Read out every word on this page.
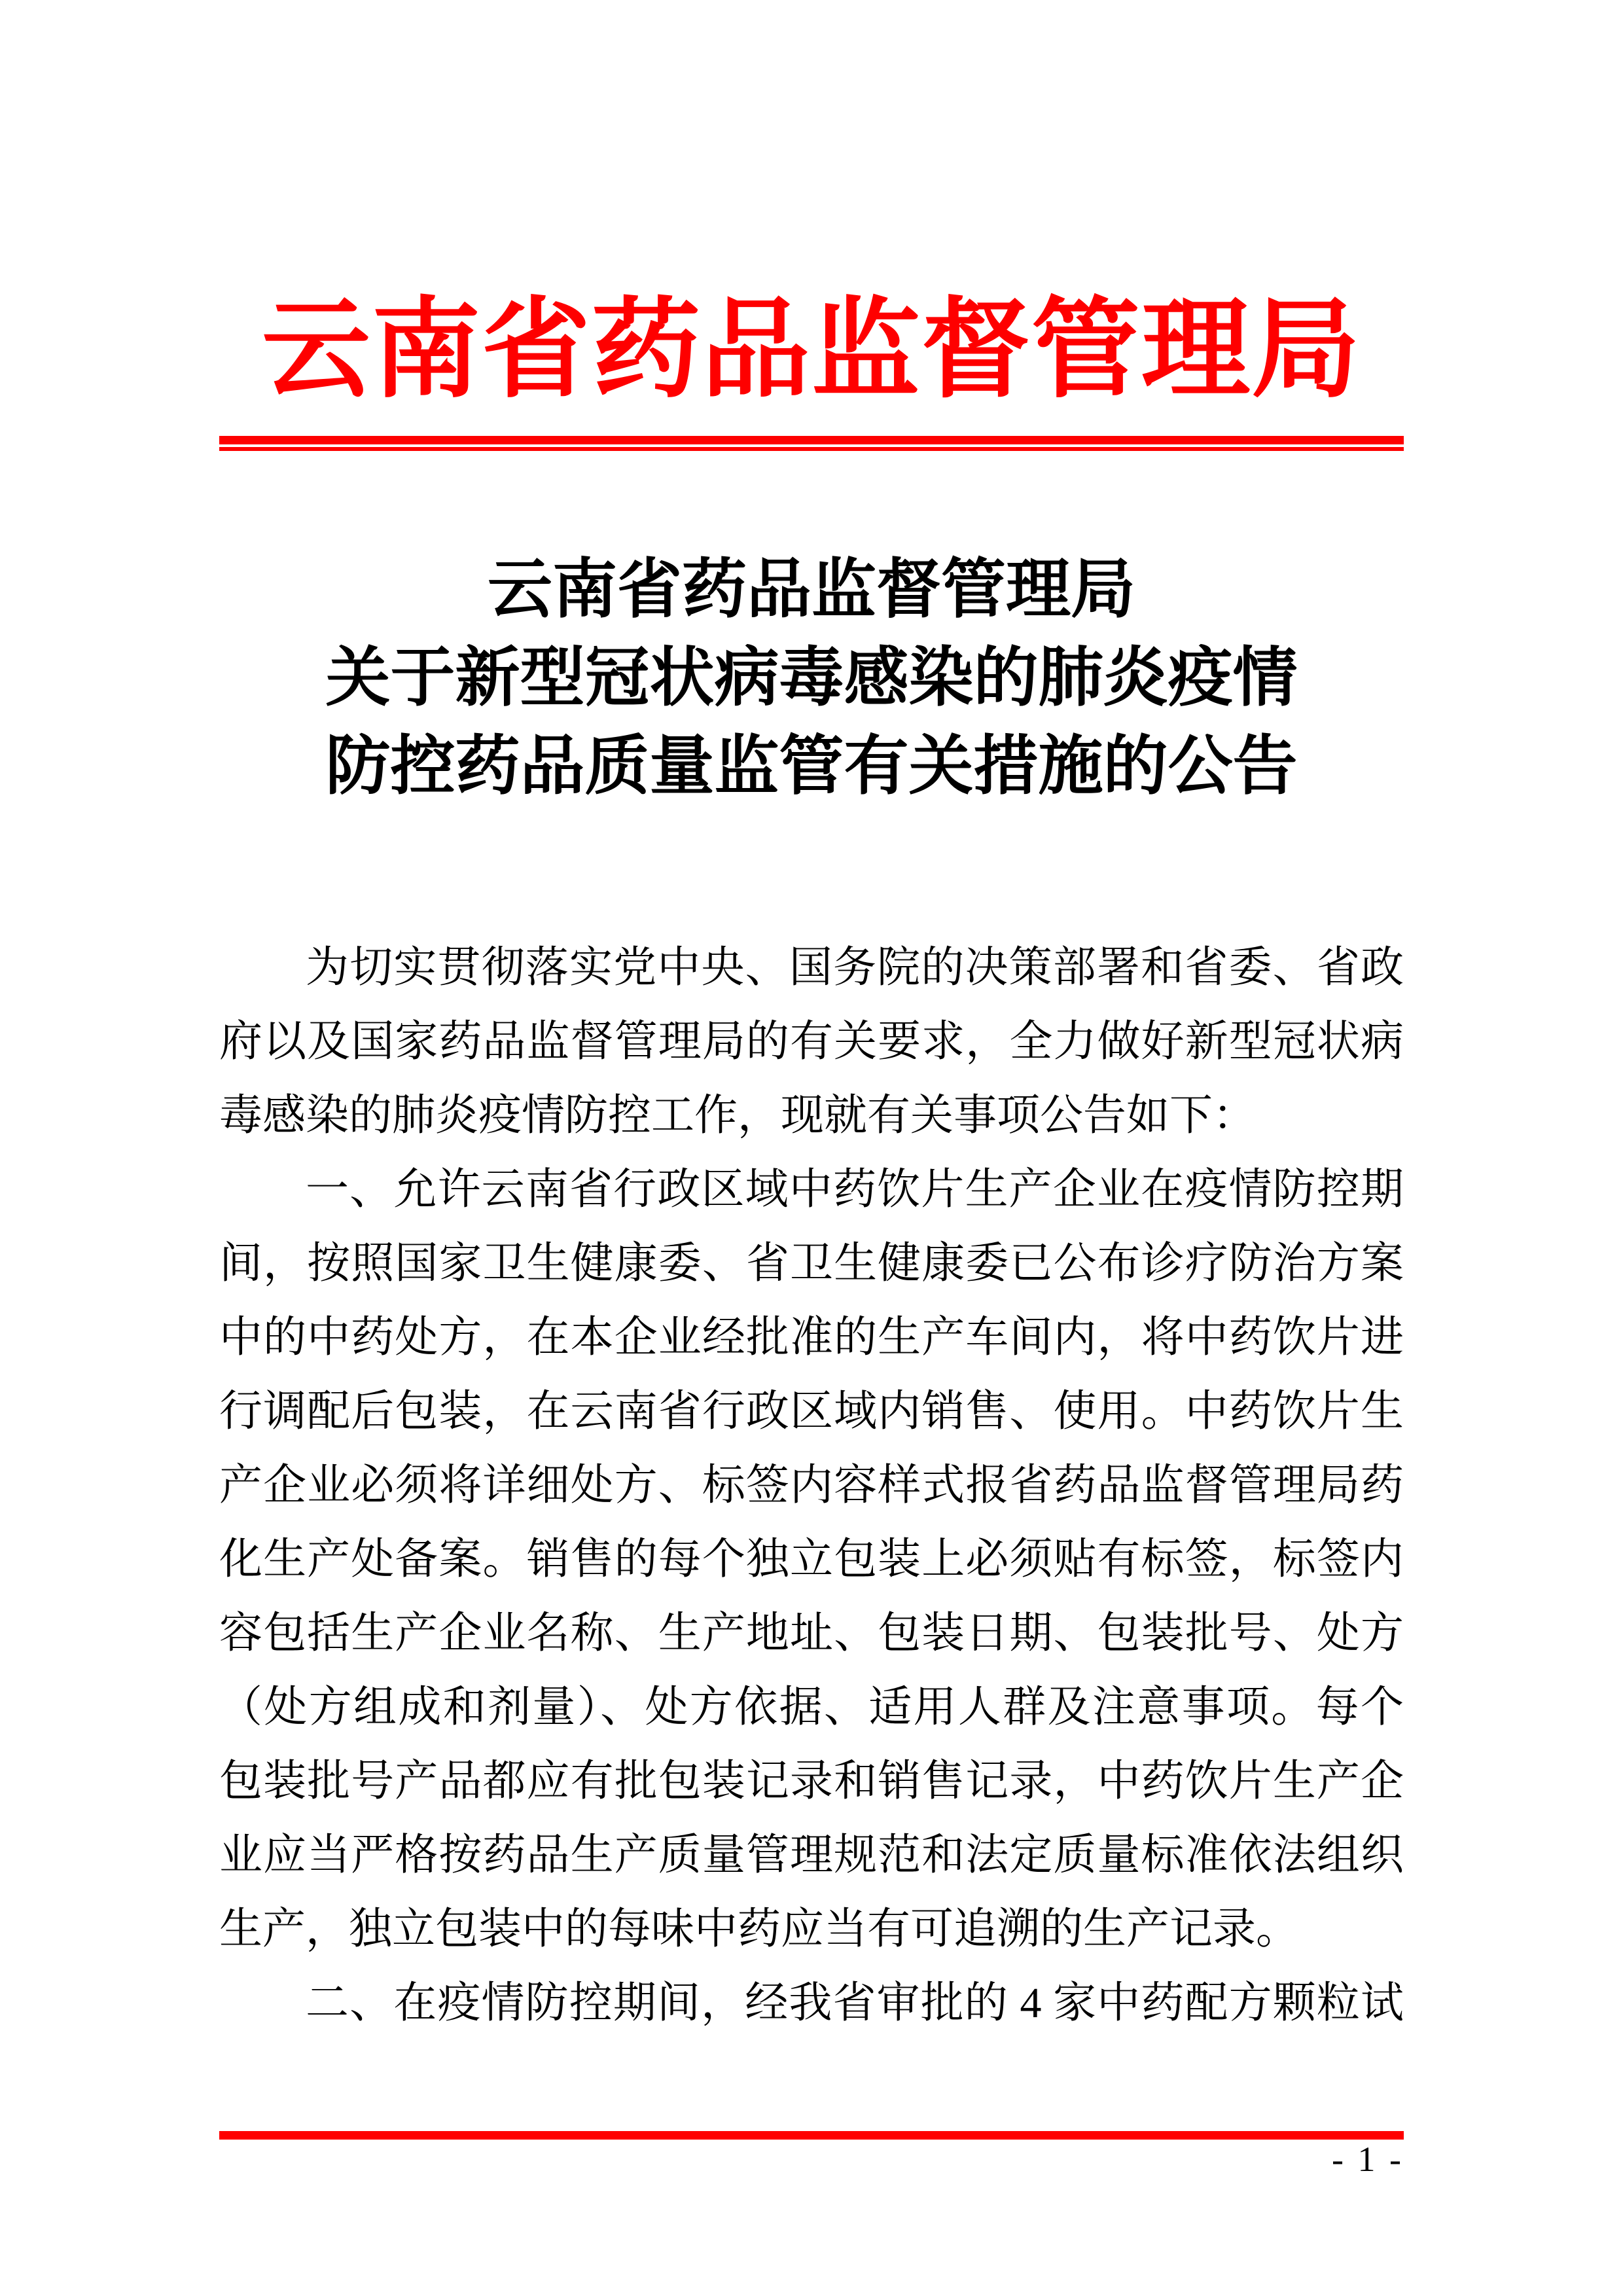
云南省药品监督管理局
云南省药品监督管理局
关于新型冠状病毒感染的肺炎疫情
防控药品质量监管有关措施的公告
为切实贯彻落实党中央、国务院的决策部署和省委、省政
府以及国家药品监督管理局的有关要求，全力做好新型冠状病
毒感染的肺炎疫情防控工作，现就有关事项公告如下：
一、允许云南省行政区域中药饮片生产企业在疫情防控期
间，按照国家卫生健康委、省卫生健康委已公布诊疗防治方案
中的中药处方，在本企业经批准的生产车间内，将中药饮片进
行调配后包装，在云南省行政区域内销售、使用。中药饮片生
产企业必须将详细处方、标签内容样式报省药品监督管理局药
化生产处备案。销售的每个独立包装上必须贴有标签，标签内
容包括生产企业名称、生产地址、包装日期、包装批号、处方
（处方组成和剂量）、处方依据、适用人群及注意事项。每个
包装批号产品都应有批包装记录和销售记录，中药饮片生产企
业应当严格按药品生产质量管理规范和法定质量标准依法组织
生产，独立包装中的每味中药应当有可追溯的生产记录。
二、在疫情防控期间，经我省审批的 4 家中药配方颗粒试
- 1 -
